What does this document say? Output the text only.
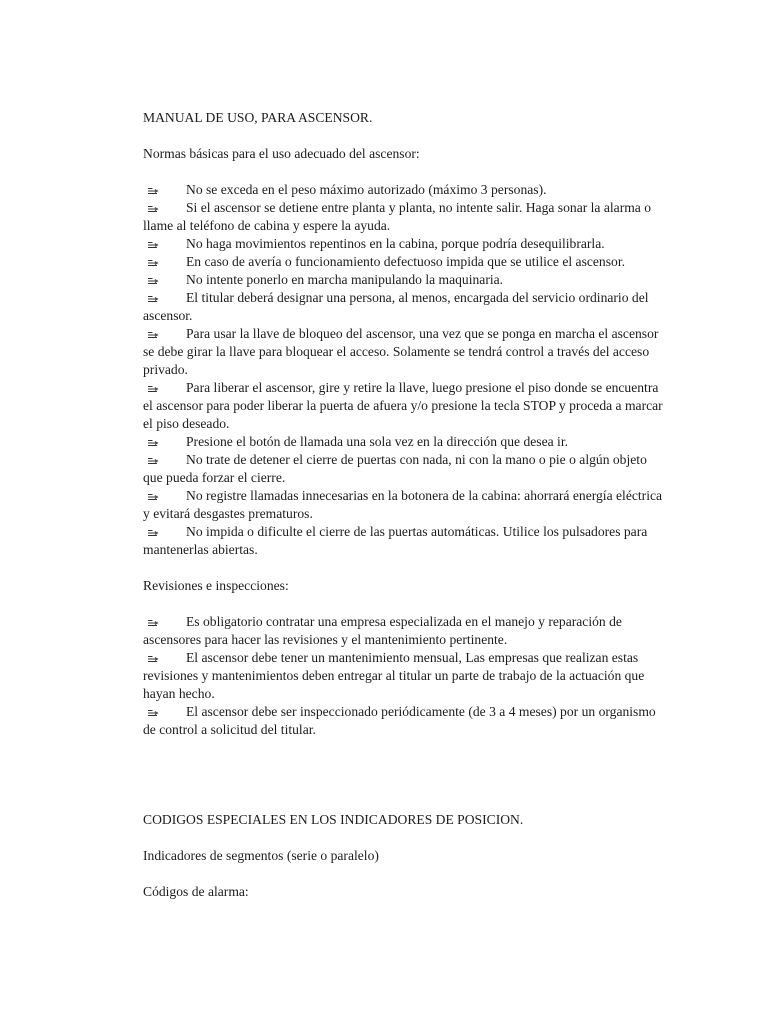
MANUAL DE USO, PARA ASCENSOR.

Normas básicas para el uso adecuado del ascensor:

No se exceda en el peso máximo autorizado (máximo 3 personas).

Si el ascensor se detiene entre planta y planta, no intente salir. Haga sonar la alarma o llame al teléfono de cabina y espere la ayuda.

No haga movimientos repentinos en la cabina, porque podría desequilibrarla.

En caso de avería o funcionamiento defectuoso impida que se utilice el ascensor.

No intente ponerlo en marcha manipulando la maquinaria.

El titular deberá designar una persona, al menos, encargada del servicio ordinario del ascensor.

Para usar la llave de bloqueo del ascensor, una vez que se ponga en marcha el ascensor se debe girar la llave para bloquear el acceso. Solamente se tendrá control a través del acceso privado.

Para liberar el ascensor, gire y retire la llave, luego presione el piso donde se encuentra el ascensor para poder liberar la puerta de afuera y/o presione la tecla STOP y proceda a marcar el piso deseado.

Presione el botón de llamada una sola vez en la dirección que desea ir.

No trate de detener el cierre de puertas con nada, ni con la mano o pie o algún objeto que pueda forzar el cierre.

No registre llamadas innecesarias en la botonera de la cabina: ahorrará energía eléctrica y evitará desgastes prematuros.

No impida o dificulte el cierre de las puertas automáticas. Utilice los pulsadores para mantenerlas abiertas.

Revisiones e inspecciones:

Es obligatorio contratar una empresa especializada en el manejo y reparación de ascensores para hacer las revisiones y el mantenimiento pertinente.

El ascensor debe tener un mantenimiento mensual, Las empresas que realizan estas revisiones y mantenimientos deben entregar al titular un parte de trabajo de la actuación que hayan hecho.

El ascensor debe ser inspeccionado periódicamente (de 3 a 4 meses) por un organismo de control a solicitud del titular.

CODIGOS ESPECIALES EN LOS INDICADORES DE POSICION.

Indicadores de segmentos (serie o paralelo)

Códigos de alarma:
